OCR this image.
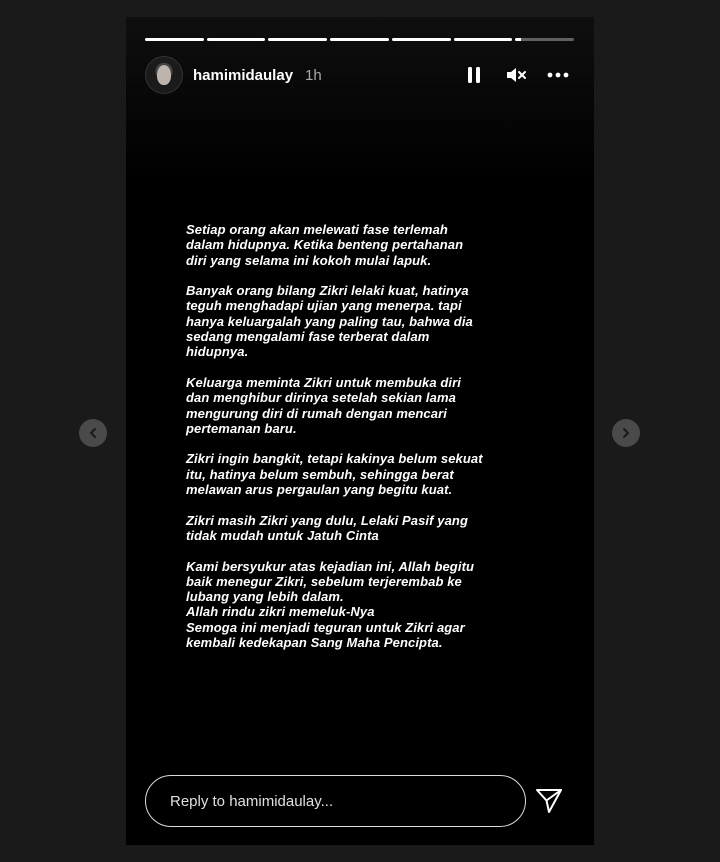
hamimidaulay 1h

Setiap orang akan melewati fase terlemah
dalam hidupnya. Ketika benteng pertahanan
diri yang selama ini kokoh mulai lapuk.

Banyak orang bilang Zikri lelaki kuat, hatinya
teguh menghadapi ujian yang menerpa. tapi
hanya keluargalah yang paling tau, bahwa dia
sedang mengalami fase terberat dalam
hidupnya.

Keluarga meminta Zikri untuk membuka diri
dan menghibur dirinya setelah sekian lama
mengurung diri di rumah dengan mencari
pertemanan baru.

Zikri ingin bangkit, tetapi kakinya belum sekuat
itu, hatinya belum sembuh, sehingga berat
melawan arus pergaulan yang begitu kuat.

Zikri masih Zikri yang dulu, Lelaki Pasif yang
tidak mudah untuk Jatuh Cinta

Kami bersyukur atas kejadian ini, Allah begitu
baik menegur Zikri, sebelum terjerembab ke
lubang yang lebih dalam.
Allah rindu zikri memeluk-Nya
Semoga ini menjadi teguran untuk Zikri agar
kembali kedekapan Sang Maha Pencipta.

Reply to hamimidaulay...
